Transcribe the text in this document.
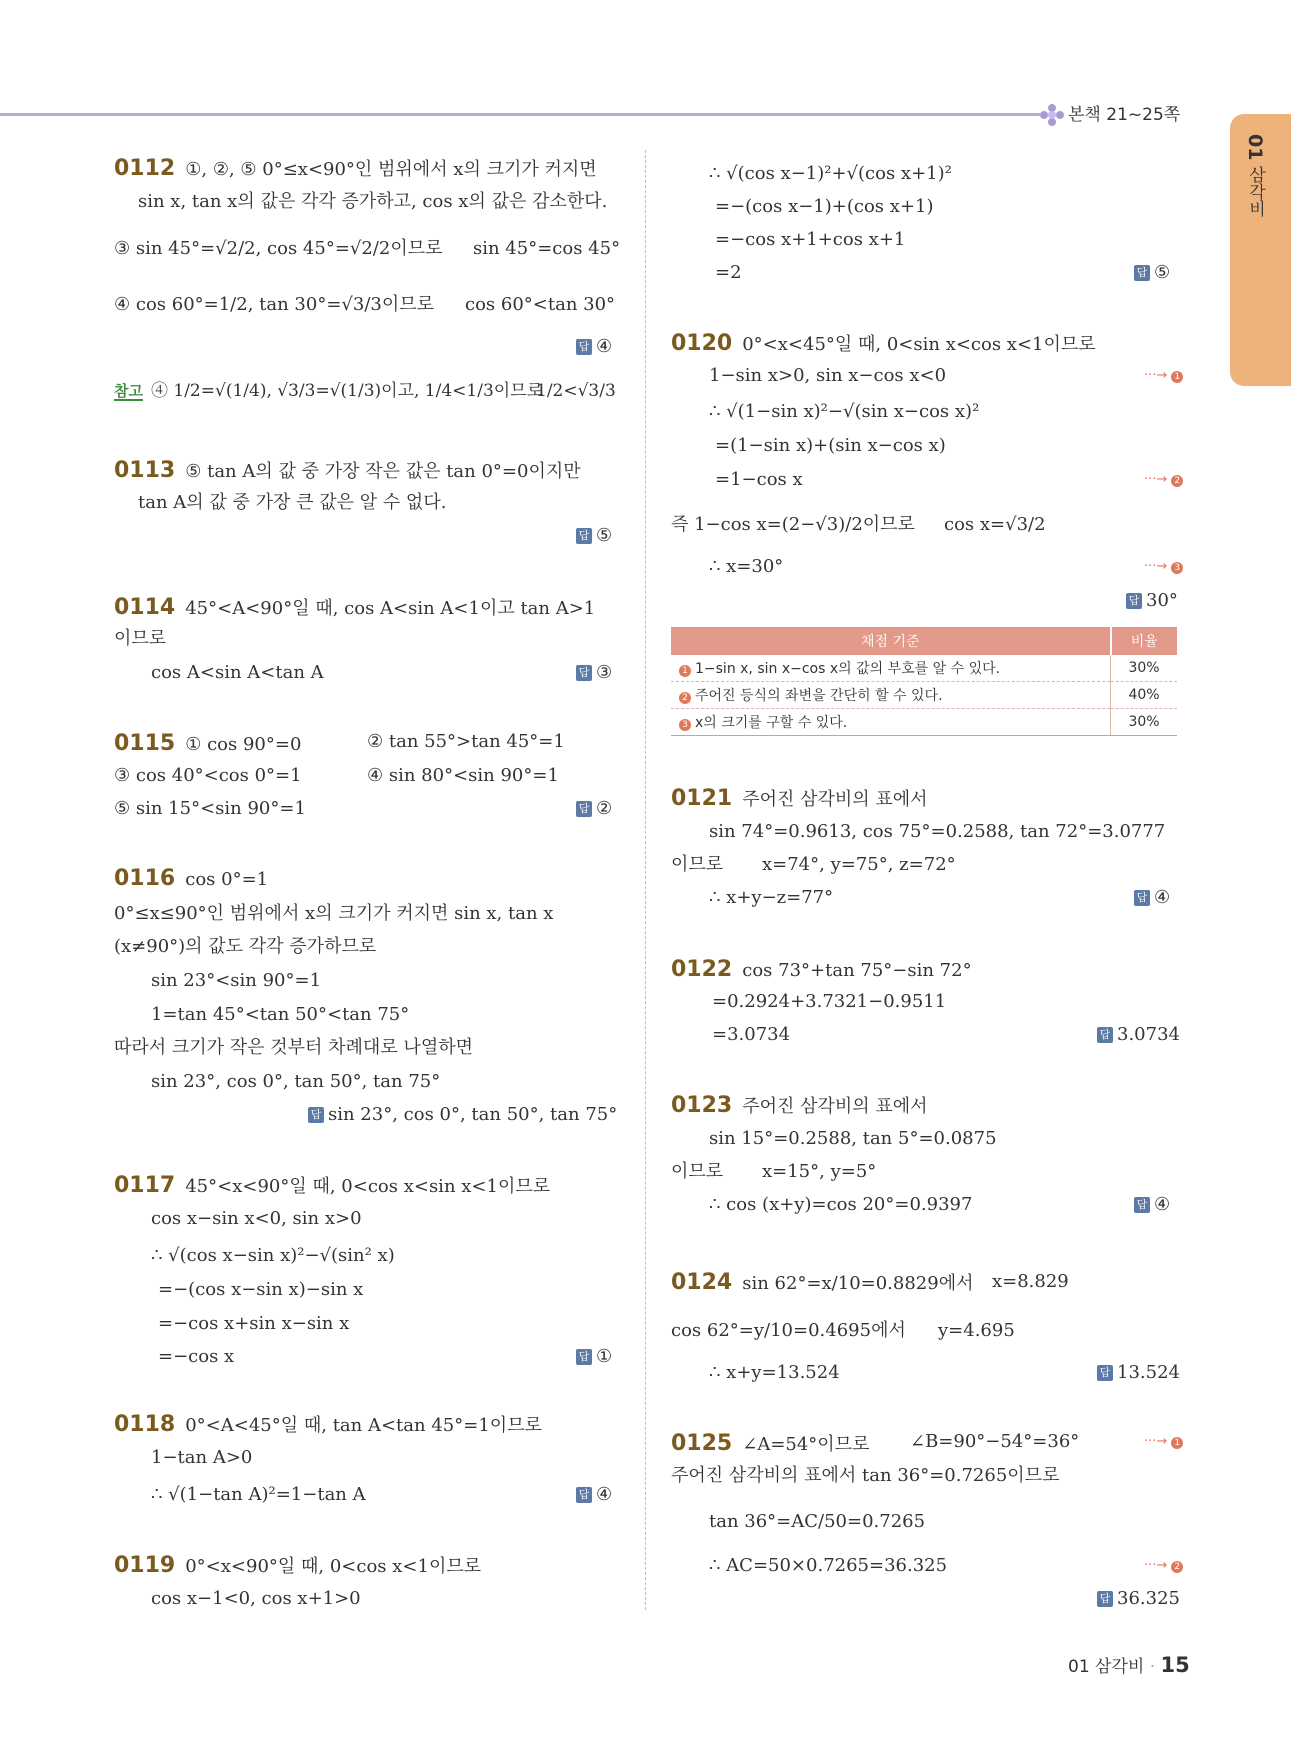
본책 21~25쪽
01 삼각비
0112 ①, ②, ⑤ 0°≤x<90°인 범위에서 x의 크기가 커지면
sin x, tan x의 값은 각각 증가하고, cos x의 값은 감소한다.
③ sin 45°=√2/2, cos 45°=√2/2이므로 sin 45°=cos 45°
④ cos 60°=1/2, tan 30°=√3/3이므로 cos 60°<tan 30°
답 ④
참고 ④ 1/2=√(1/4), √3/3=√(1/3)이고, 1/4<1/3이므로
1/2<√3/3
0113 ⑤ tan A의 값 중 가장 작은 값은 tan 0°=0이지만
tan A의 값 중 가장 큰 값은 알 수 없다.
답 ⑤
0114 45°<A<90°일 때, cos A<sin A<1이고 tan A>1
이므로
cos A<sin A<tan A	답 ③
0115 ① cos 90°=0	② tan 55°>tan 45°=1
③ cos 40°<cos 0°=1	④ sin 80°<sin 90°=1
⑤ sin 15°<sin 90°=1	답 ②
0116 cos 0°=1
0°≤x≤90°인 범위에서 x의 크기가 커지면 sin x, tan x
(x≠90°)의 값도 각각 증가하므로
sin 23°<sin 90°=1
1=tan 45°<tan 50°<tan 75°
따라서 크기가 작은 것부터 차례대로 나열하면
sin 23°, cos 0°, tan 50°, tan 75°
답 sin 23°, cos 0°, tan 50°, tan 75°
0117 45°<x<90°일 때, 0<cos x<sin x<1이므로
cos x−sin x<0, sin x>0
∴ √(cos x−sin x)²−√(sin² x)
=−(cos x−sin x)−sin x
=−cos x+sin x−sin x
=−cos x	답 ①
0118 0°<A<45°일 때, tan A<tan 45°=1이므로
1−tan A>0
∴ √(1−tan A)²=1−tan A	답 ④
0119 0°<x<90°일 때, 0<cos x<1이므로
cos x−1<0, cos x+1>0
∴ √(cos x−1)²+√(cos x+1)²
=−(cos x−1)+(cos x+1)
=−cos x+1+cos x+1
=2	답 ⑤
0120 0°<x<45°일 때, 0<sin x<cos x<1이므로
1−sin x>0, sin x−cos x<0	···→ 1
∴ √(1−sin x)²−√(sin x−cos x)²
=(1−sin x)+(sin x−cos x)
=1−cos x	···→ 2
즉 1−cos x=(2−√3)/2이므로 cos x=√3/2
∴ x=30°	···→ 3
답 30°
채점 기준	비율
1 1−sin x, sin x−cos x의 값의 부호를 알 수 있다.	30%
2 주어진 등식의 좌변을 간단히 할 수 있다.	40%
3 x의 크기를 구할 수 있다.	30%
0121 주어진 삼각비의 표에서
sin 74°=0.9613, cos 75°=0.2588, tan 72°=3.0777
이므로 x=74°, y=75°, z=72°
∴ x+y−z=77°	답 ④
0122 cos 73°+tan 75°−sin 72°
=0.2924+3.7321−0.9511
=3.0734	답 3.0734
0123 주어진 삼각비의 표에서
sin 15°=0.2588, tan 5°=0.0875
이므로 x=15°, y=5°
∴ cos (x+y)=cos 20°=0.9397	답 ④
0124 sin 62°=x/10=0.8829에서 x=8.829
cos 62°=y/10=0.4695에서 y=4.695
∴ x+y=13.524	답 13.524
0125 ∠A=54°이므로 ∠B=90°−54°=36°	···→ 1
주어진 삼각비의 표에서 tan 36°=0.7265이므로
tan 36°=AC/50=0.7265
∴ AC=50×0.7265=36.325	···→ 2
답 36.325
01 삼각비 · 15
